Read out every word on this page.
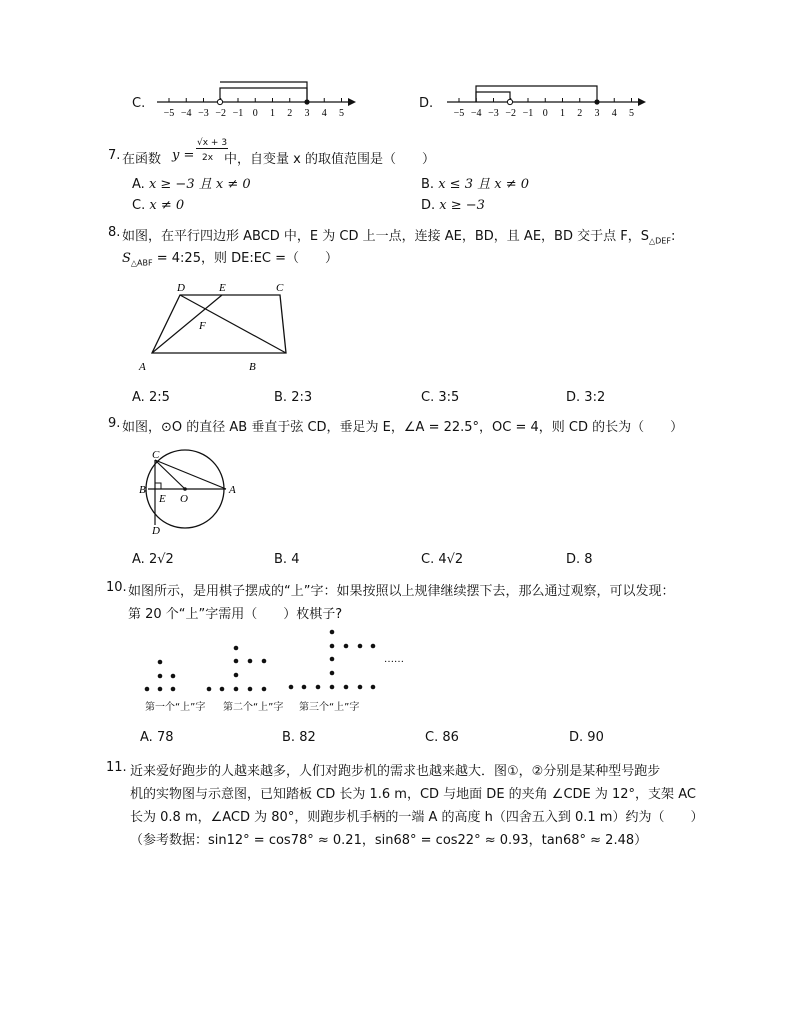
C.
−5 −4 −3 −2 −1 0 1 2 3 4 5
D.
−5 −4 −3 −2 −1 0 1 2 3 4 5
7. 在函数 y =
√x + 3
2x 中，自变量 x 的取值范围是（　　）
A. x ≥ −3 且 x ≠ 0	B. x ≤ 3 且 x ≠ 0
C. x ≠ 0	D. x ≥ −3
8. 如图，在平行四边形 ABCD 中，E 为 CD 上一点，连接 AE，BD，且 AE，BD 交于点 F，$S_{\triangle DEF}$:
$S_{\triangle ABF}$ = 4:25，则 DE:EC =（　　）
A	B
C
D	E
F
A. 2:5	B. 2:3	C. 3:5	D. 3:2
9. 如图，⊙O 的直径 AB 垂直于弦 CD，垂足为 E，∠A = 22.5°，OC = 4，则 CD 的长为（　　）
C
B	A
E O
D
A. 2√2	B. 4	C. 4√2	D. 8
10. 如图所示，是用棋子摆成的“上”字：如果按照以上规律继续摆下去，那么通过观察，可以发现：
第 20 个“上”字需用（　　）枚棋子?
……
第一个“上”字 第二个“上”字 第三个“上”字
A. 78	B. 82	C. 86	D. 90
11. 近来爱好跑步的人越来越多，人们对跑步机的需求也越来越大．图①，②分别是某种型号跑步
机的实物图与示意图，已知踏板 CD 长为 1.6 m，CD 与地面 DE 的夹角 ∠CDE 为 12°，支架 AC
长为 0.8 m，∠ACD 为 80°，则跑步机手柄的一端 A 的高度 h（四舍五入到 0.1 m）约为（　　）
（参考数据：sin12° = cos78° ≈ 0.21，sin68° = cos22° ≈ 0.93，tan68° ≈ 2.48）
